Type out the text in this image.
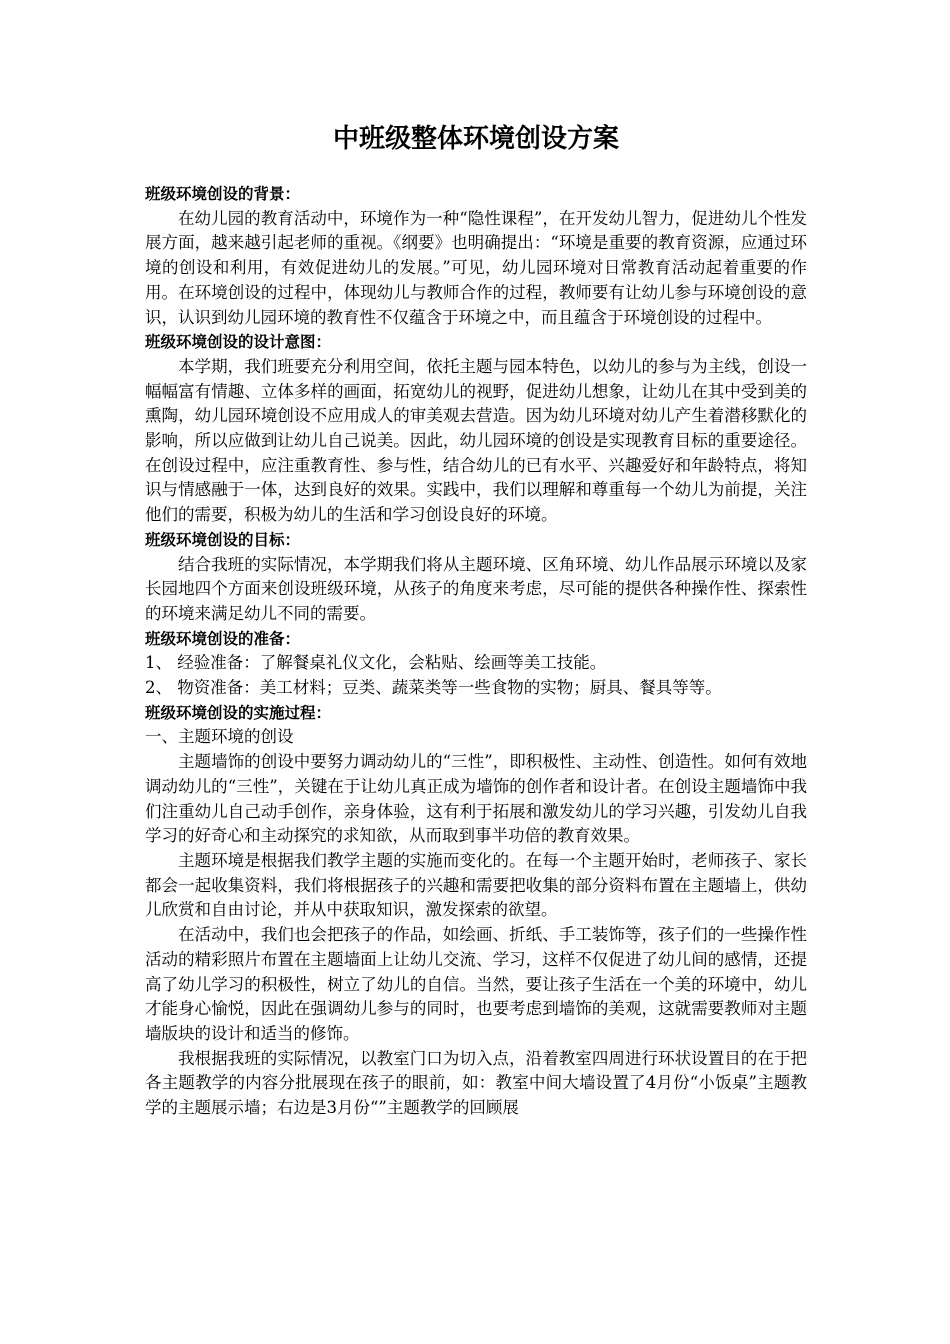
中班级整体环境创设方案
班级环境创设的背景：

在幼儿园的教育活动中，环境作为一种“隐性课程”，在开发幼儿智力，促进幼儿个性发展方面，越来越引起老师的重视。《纲要》也明确提出：“环境是重要的教育资源，应通过环境的创设和利用，有效促进幼儿的发展。”可见，幼儿园环境对日常教育活动起着重要的作用。在环境创设的过程中，体现幼儿与教师合作的过程，教师要有让幼儿参与环境创设的意识，认识到幼儿园环境的教育性不仅蕴含于环境之中，而且蕴含于环境创设的过程中。

班级环境创设的设计意图：

本学期，我们班要充分利用空间，依托主题与园本特色，以幼儿的参与为主线，创设一幅幅富有情趣、立体多样的画面，拓宽幼儿的视野，促进幼儿想象，让幼儿在其中受到美的熏陶，幼儿园环境创设不应用成人的审美观去营造。因为幼儿环境对幼儿产生着潜移默化的影响，所以应做到让幼儿自己说美。因此，幼儿园环境的创设是实现教育目标的重要途径。在创设过程中，应注重教育性、参与性，结合幼儿的已有水平、兴趣爱好和年龄特点，将知识与情感融于一体，达到良好的效果。实践中，我们以理解和尊重每一个幼儿为前提，关注他们的需要，积极为幼儿的生活和学习创设良好的环境。

班级环境创设的目标：

结合我班的实际情况，本学期我们将从主题环境、区角环境、幼儿作品展示环境以及家长园地四个方面来创设班级环境，从孩子的角度来考虑，尽可能的提供各种操作性、探索性的环境来满足幼儿不同的需要。

班级环境创设的准备：

1、 经验准备：了解餐桌礼仪文化，会粘贴、绘画等美工技能。

2、 物资准备：美工材料；豆类、蔬菜类等一些食物的实物；厨具、餐具等等。

班级环境创设的实施过程：

一、主题环境的创设

主题墙饰的创设中要努力调动幼儿的“三性”，即积极性、主动性、创造性。如何有效地调动幼儿的“三性”，关键在于让幼儿真正成为墙饰的创作者和设计者。在创设主题墙饰中我们注重幼儿自己动手创作，亲身体验，这有利于拓展和激发幼儿的学习兴趣，引发幼儿自我学习的好奇心和主动探究的求知欲，从而取到事半功倍的教育效果。

主题环境是根据我们教学主题的实施而变化的。在每一个主题开始时，老师孩子、家长都会一起收集资料，我们将根据孩子的兴趣和需要把收集的部分资料布置在主题墙上，供幼儿欣赏和自由讨论，并从中获取知识，激发探索的欲望。

在活动中，我们也会把孩子的作品，如绘画、折纸、手工装饰等，孩子们的一些操作性活动的精彩照片布置在主题墙面上让幼儿交流、学习，这样不仅促进了幼儿间的感情，还提高了幼儿学习的积极性，树立了幼儿的自信。当然，要让孩子生活在一个美的环境中，幼儿才能身心愉悦，因此在强调幼儿参与的同时，也要考虑到墙饰的美观，这就需要教师对主题墙版块的设计和适当的修饰。

我根据我班的实际情况，以教室门口为切入点，沿着教室四周进行环状设置目的在于把各主题教学的内容分批展现在孩子的眼前，如：教室中间大墙设置了4月份“小饭桌”主题教学的主题展示墙；右边是3月份“”主题教学的回顾展
